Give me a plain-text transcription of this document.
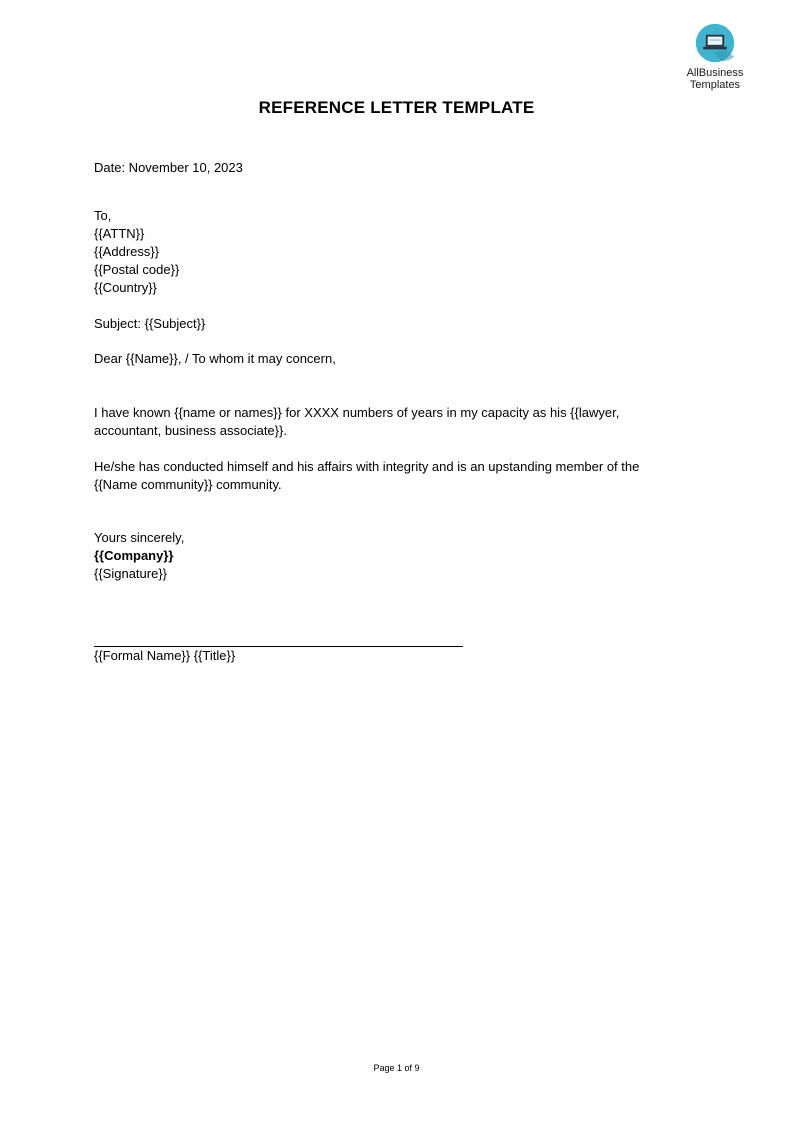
AllBusiness
Templates
REFERENCE LETTER TEMPLATE
Date: November 10, 2023
To,
{{ATTN}}
{{Address}}
{{Postal code}}
{{Country}}
Subject: {{Subject}}
Dear {{Name}}, / To whom it may concern,
I have known {{name or names}} for XXXX numbers of years in my capacity as his {{lawyer,
accountant, business associate}}.
He/she has conducted himself and his affairs with integrity and is an upstanding member of the
{{Name community}} community.
Yours sincerely,
{{Company}}
{{Signature}}
{{Formal Name}} {{Title}}
Page 1 of 9
